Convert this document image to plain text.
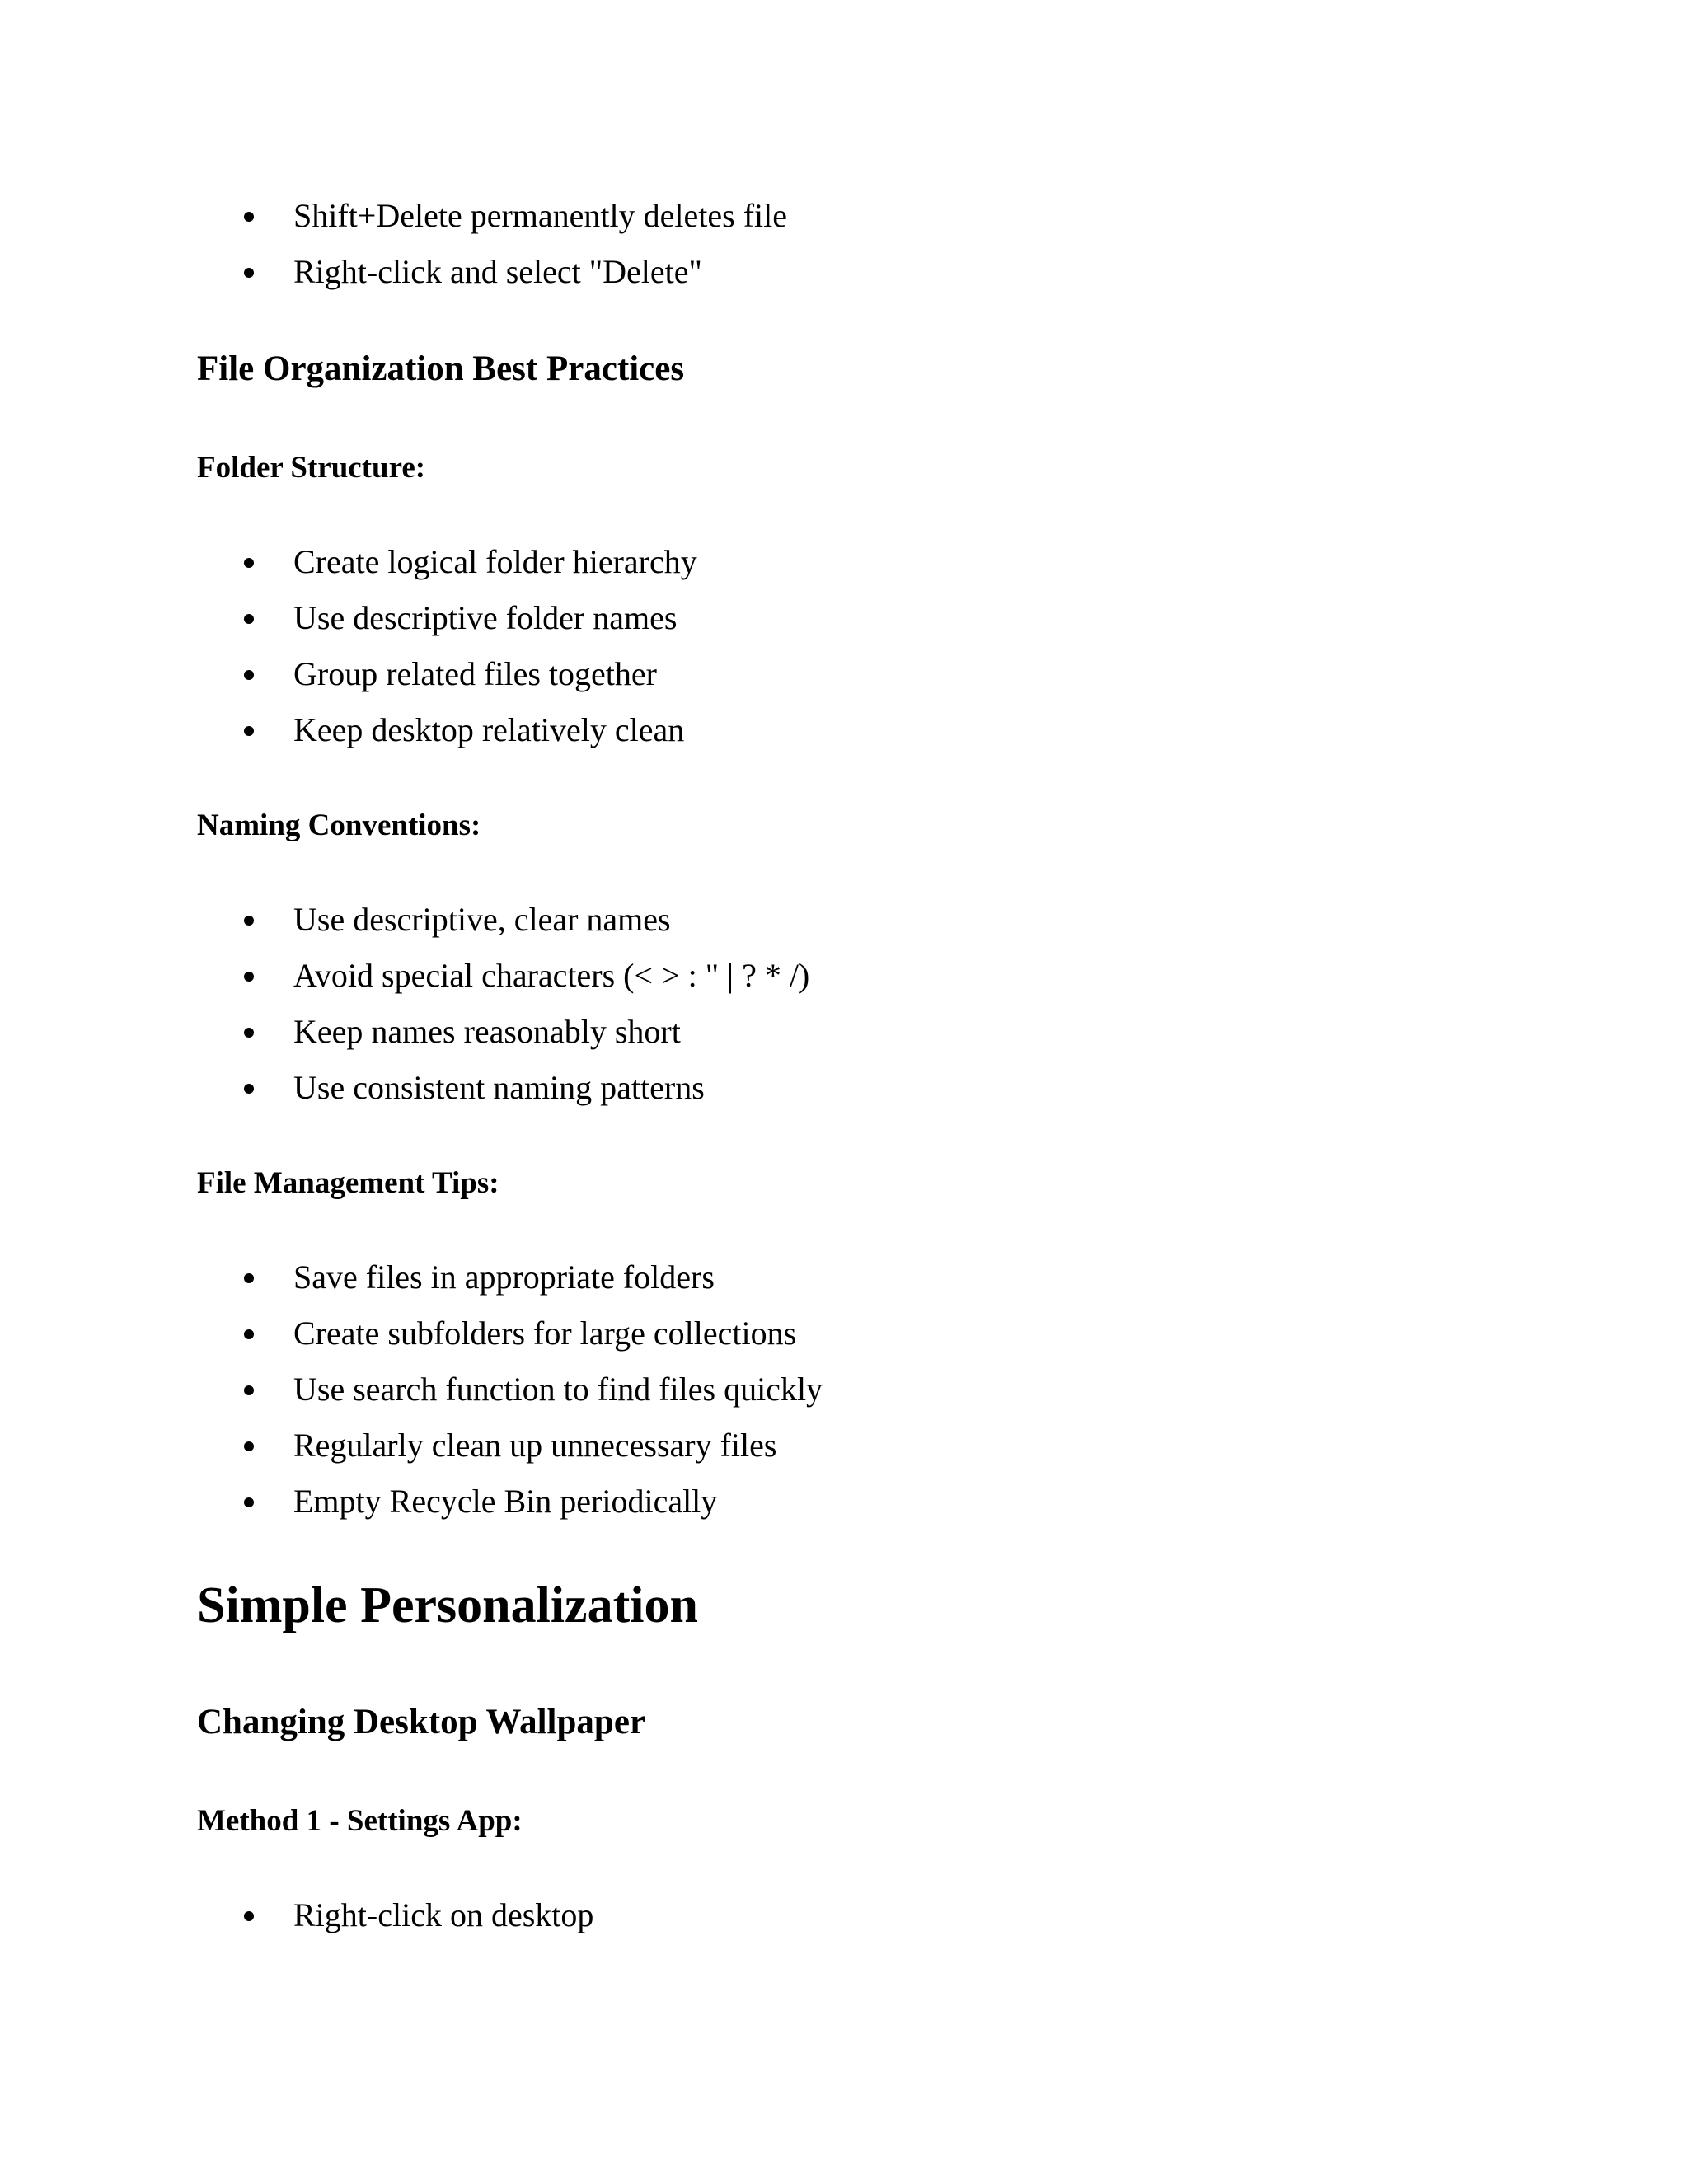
Shift+Delete permanently deletes file
Right-click and select "Delete"
File Organization Best Practices
Folder Structure:
Create logical folder hierarchy
Use descriptive folder names
Group related files together
Keep desktop relatively clean
Naming Conventions:
Use descriptive, clear names
Avoid special characters (< > : " | ? * /)
Keep names reasonably short
Use consistent naming patterns
File Management Tips:
Save files in appropriate folders
Create subfolders for large collections
Use search function to find files quickly
Regularly clean up unnecessary files
Empty Recycle Bin periodically
Simple Personalization
Changing Desktop Wallpaper
Method 1 - Settings App:
Right-click on desktop
